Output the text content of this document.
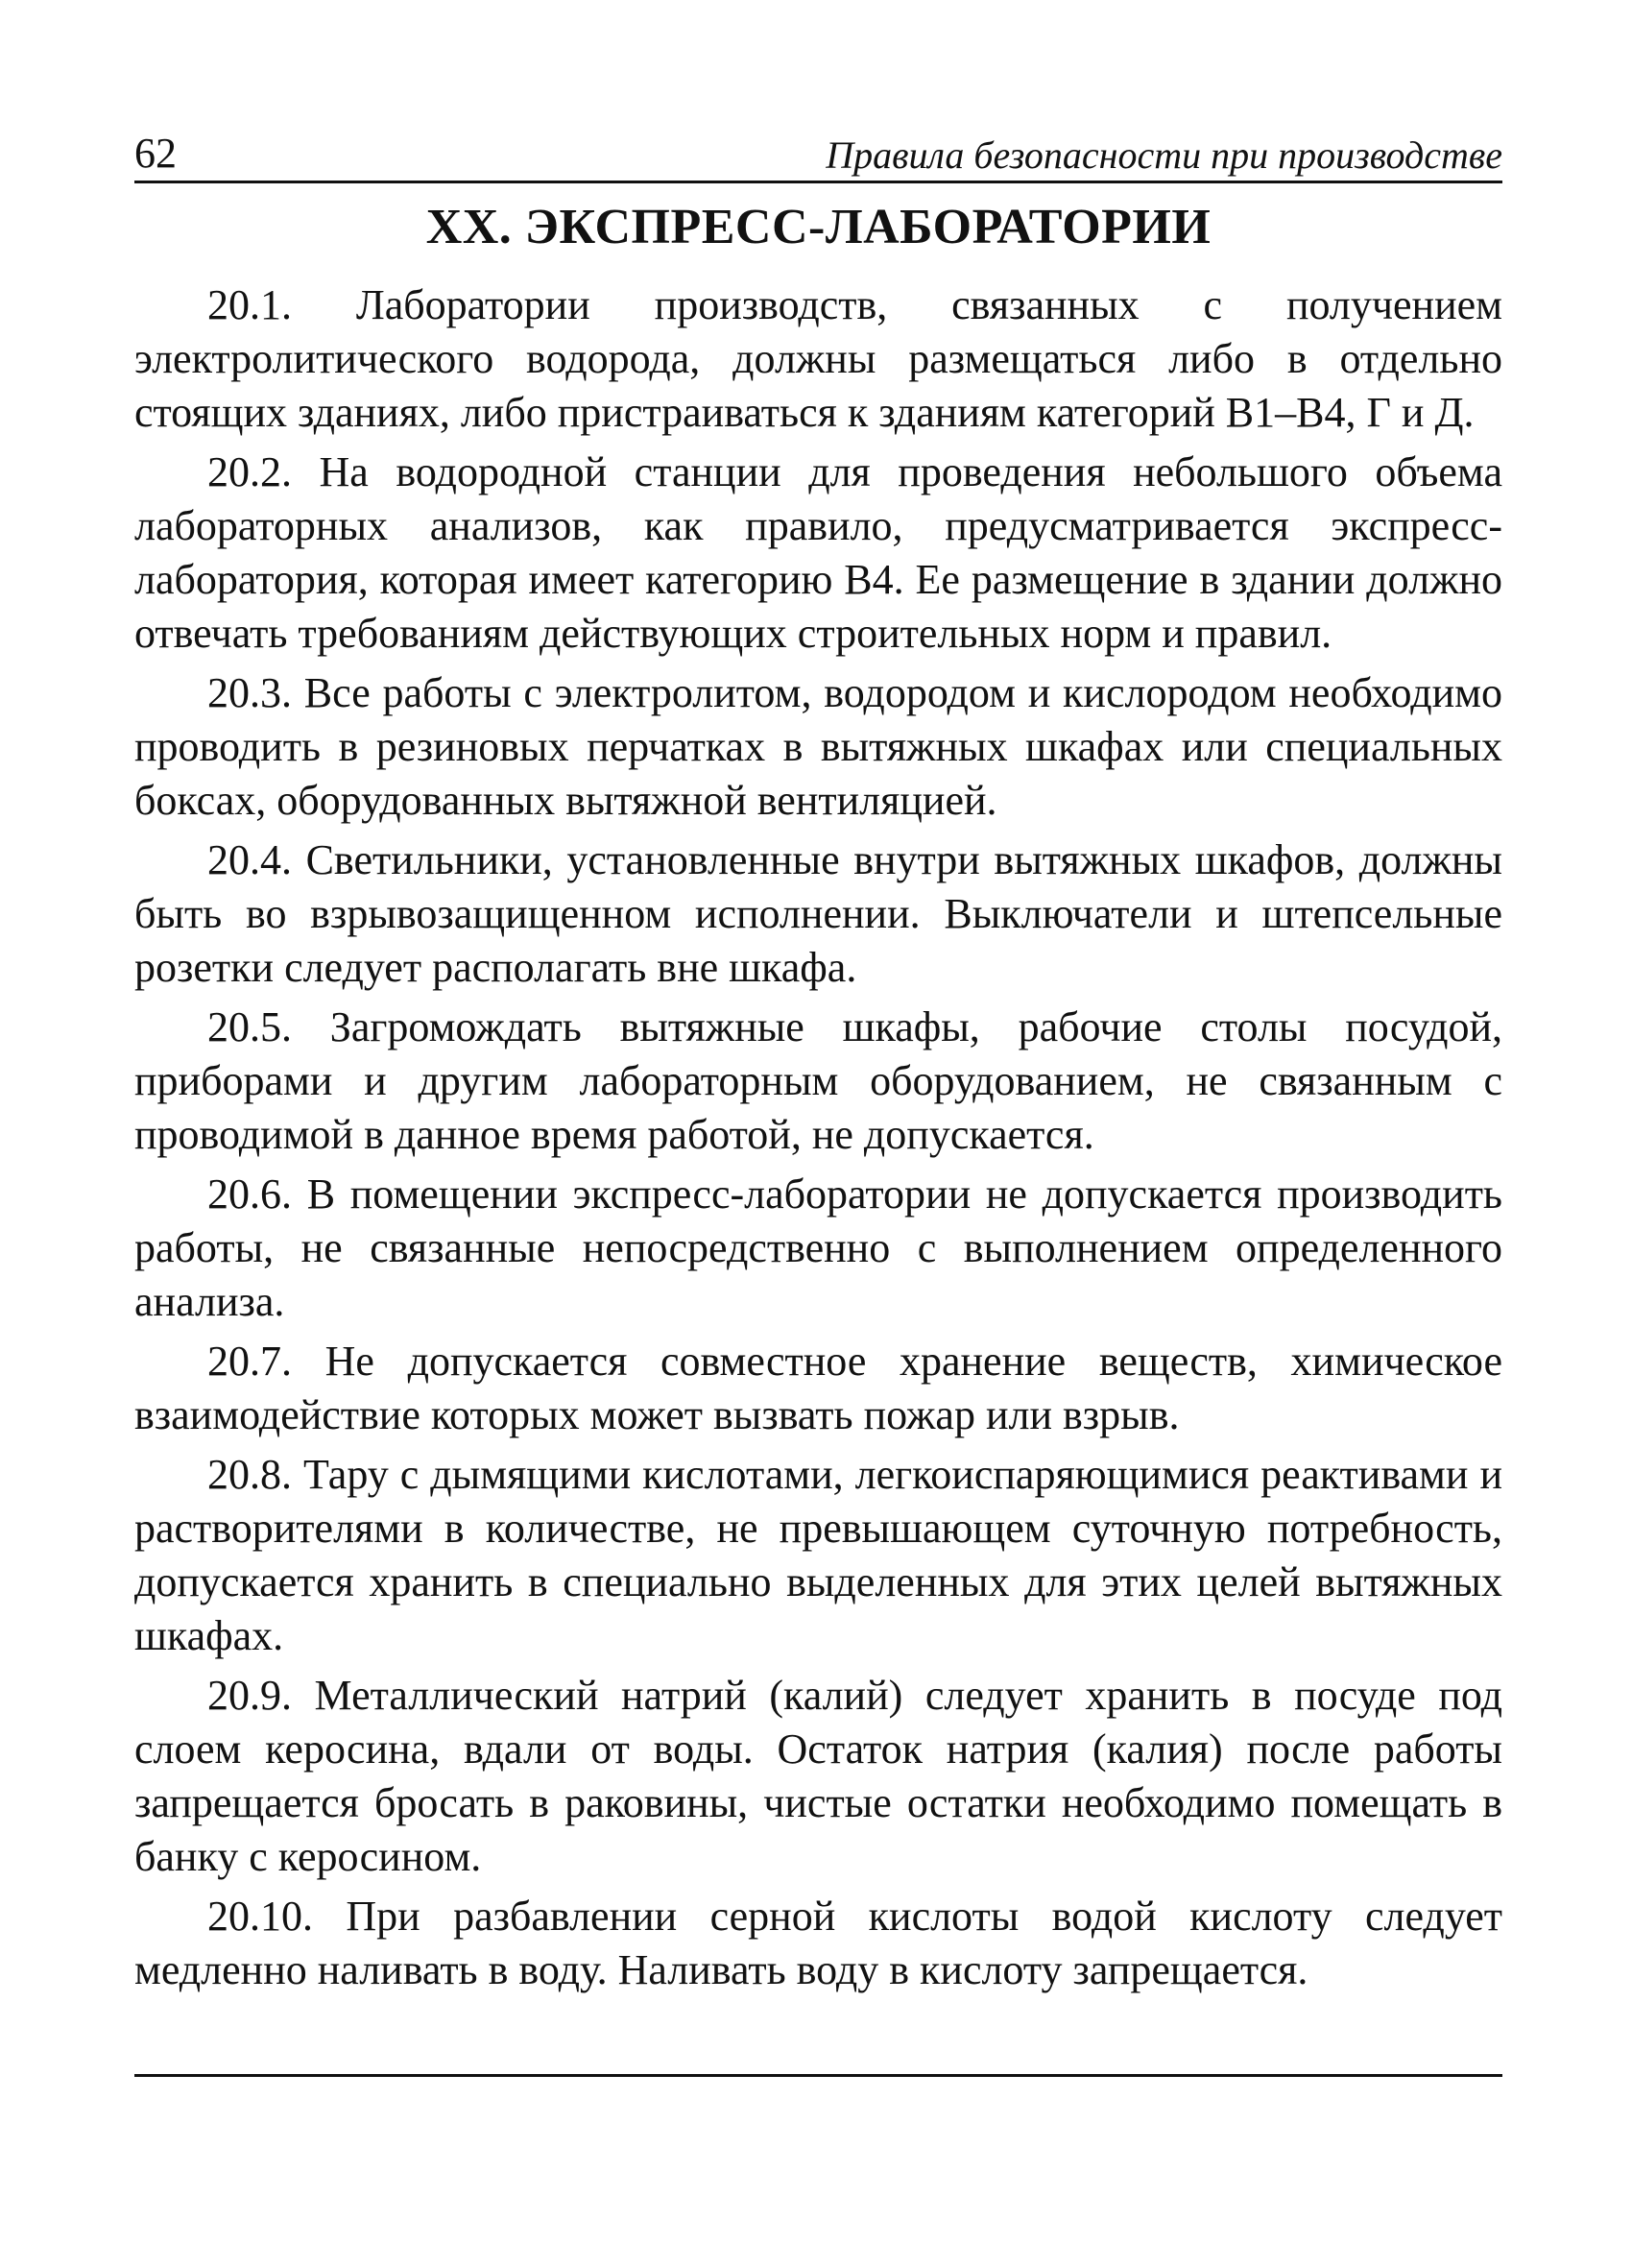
62	Правила безопасности при производстве
XX. ЭКСПРЕСС-ЛАБОРАТОРИИ

20.1. Лаборатории производств, связанных с получением электролитического водорода, должны размещаться либо в отдельно стоящих зданиях, либо пристраиваться к зданиям категорий В1–В4, Г и Д.

20.2. На водородной станции для проведения небольшого объема лабораторных анализов, как правило, предусматривается экспресс-лаборатория, которая имеет категорию В4. Ее размещение в здании должно отвечать требованиям действующих строительных норм и правил.

20.3. Все работы с электролитом, водородом и кислородом необходимо проводить в резиновых перчатках в вытяжных шкафах или специальных боксах, оборудованных вытяжной вентиляцией.

20.4. Светильники, установленные внутри вытяжных шкафов, должны быть во взрывозащищенном исполнении. Выключатели и штепсельные розетки следует располагать вне шкафа.

20.5. Загромождать вытяжные шкафы, рабочие столы посудой, приборами и другим лабораторным оборудованием, не связанным с проводимой в данное время работой, не допускается.

20.6. В помещении экспресс-лаборатории не допускается производить работы, не связанные непосредственно с выполнением определенного анализа.

20.7. Не допускается совместное хранение веществ, химическое взаимодействие которых может вызвать пожар или взрыв.

20.8. Тару с дымящими кислотами, легкоиспаряющимися реактивами и растворителями в количестве, не превышающем суточную потребность, допускается хранить в специально выделенных для этих целей вытяжных шкафах.

20.9. Металлический натрий (калий) следует хранить в посуде под слоем керосина, вдали от воды. Остаток натрия (калия) после работы запрещается бросать в раковины, чистые остатки необходимо помещать в банку с керосином.

20.10. При разбавлении серной кислоты водой кислоту следует медленно наливать в воду. Наливать воду в кислоту запрещается.
